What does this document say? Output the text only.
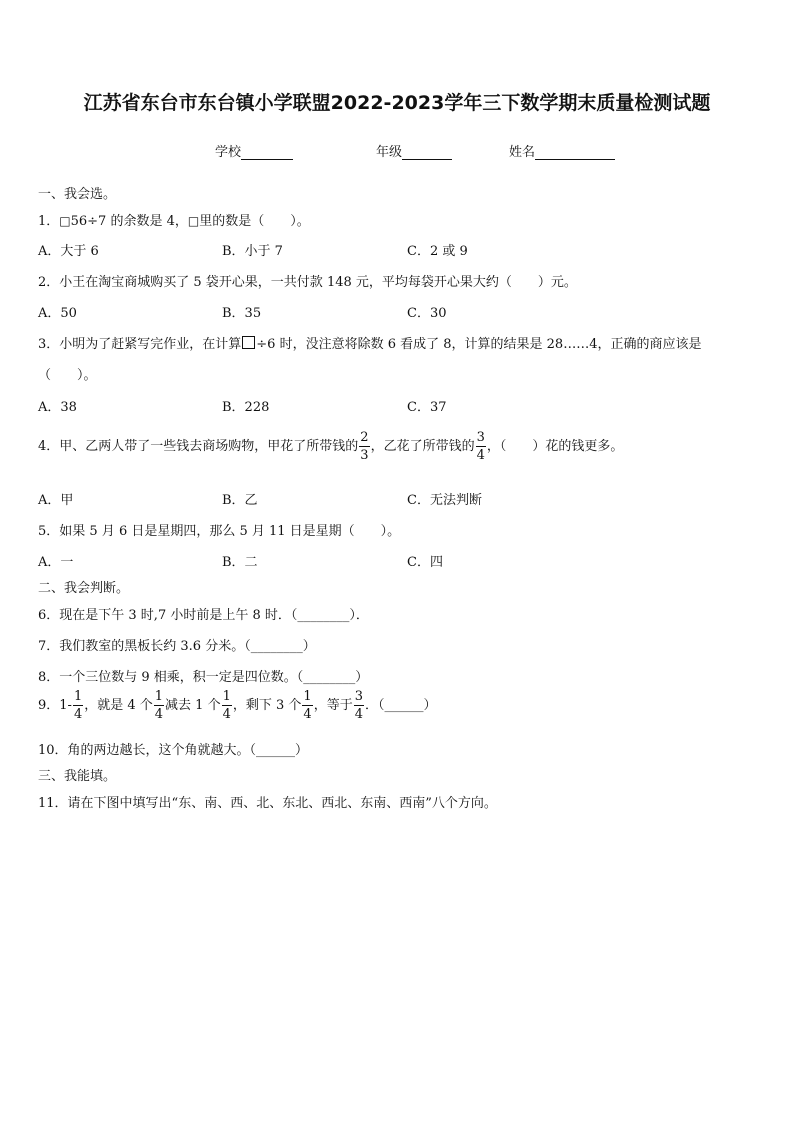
江苏省东台市东台镇小学联盟2022-2023学年三下数学期末质量检测试题
学校	年级	姓名
一、我会选。
1．□56÷7 的余数是 4，□里的数是（　　）。
A．大于 6	B．小于 7	C．2 或 9
2．小王在淘宝商城购买了 5 袋开心果，一共付款 148 元，平均每袋开心果大约（　　）元。
A．50	B．35	C．30
3．小明为了赶紧写完作业，在计算 ÷6 时，没注意将除数 6 看成了 8，计算的结果是 28……4，正确的商应该是
（　　）。
A．38	B．228	C．37
4．甲、乙两人带了一些钱去商场购物，甲花了所带钱的 $\frac{2}{3}$ ，乙花了所带钱的 $\frac{3}{4}$ ，（　　）花的钱更多。
A．甲	B．乙	C．无法判断
5．如果 5 月 6 日是星期四，那么 5 月 11 日是星期（　　）。
A．一	B．二	C．四
二、我会判断。
6．现在是下午 3 时,7 小时前是上午 8 时．（________）．
7．我们教室的黑板长约 3.6 分米。（________）
8．一个三位数与 9 相乘，积一定是四位数。（________）
9．$1- \frac{1}{4}$ ，就是 4 个 $\frac{1}{4}$ 减去 1 个 $\frac{1}{4}$ ，剩下 3 个 $\frac{1}{4}$ ，等于 $\frac{3}{4}$ ．（______）
10．角的两边越长，这个角就越大。（______）
三、我能填。
11．请在下图中填写出“东、南、西、北、东北、西北、东南、西南”八个方向。
